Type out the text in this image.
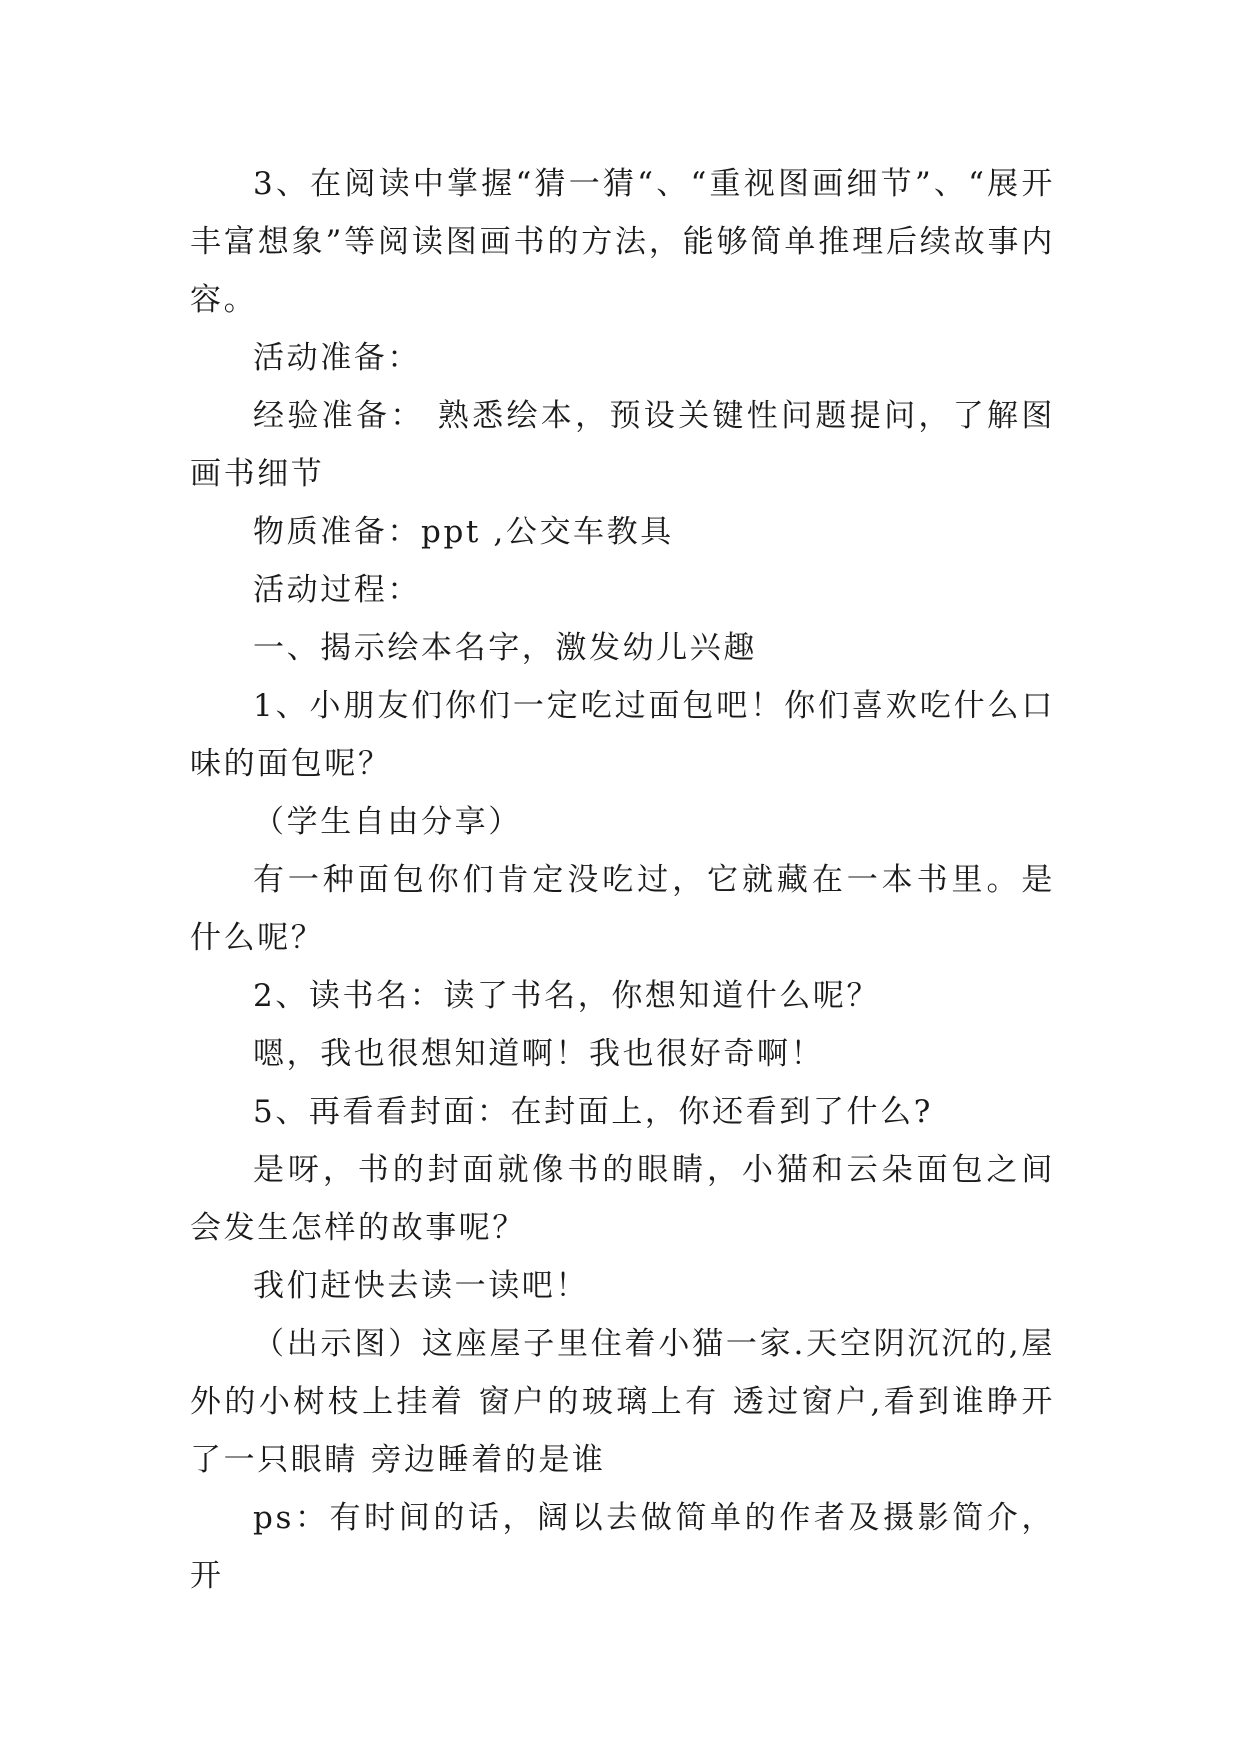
3、在阅读中掌握“猜一猜“、“重视图画细节”、“展开丰富想象”等阅读图画书的方法，能够简单推理后续故事内容。

活动准备：

经验准备： 熟悉绘本，预设关键性问题提问，了解图画书细节

物质准备：ppt ,公交车教具

活动过程：

一、揭示绘本名字，激发幼儿兴趣

1、小朋友们你们一定吃过面包吧！你们喜欢吃什么口味的面包呢？

（学生自由分享）

有一种面包你们肯定没吃过，它就藏在一本书里。是什么呢？

2、读书名：读了书名，你想知道什么呢？

嗯，我也很想知道啊！我也很好奇啊！

5、再看看封面：在封面上，你还看到了什么?

是呀，书的封面就像书的眼睛，小猫和云朵面包之间会发生怎样的故事呢？

我们赶快去读一读吧！

（出示图）这座屋子里住着小猫一家.天空阴沉沉的,屋外的小树枝上挂着 窗户的玻璃上有 透过窗户,看到谁睁开了一只眼睛 旁边睡着的是谁

ps：有时间的话，阔以去做简单的作者及摄影简介，开
